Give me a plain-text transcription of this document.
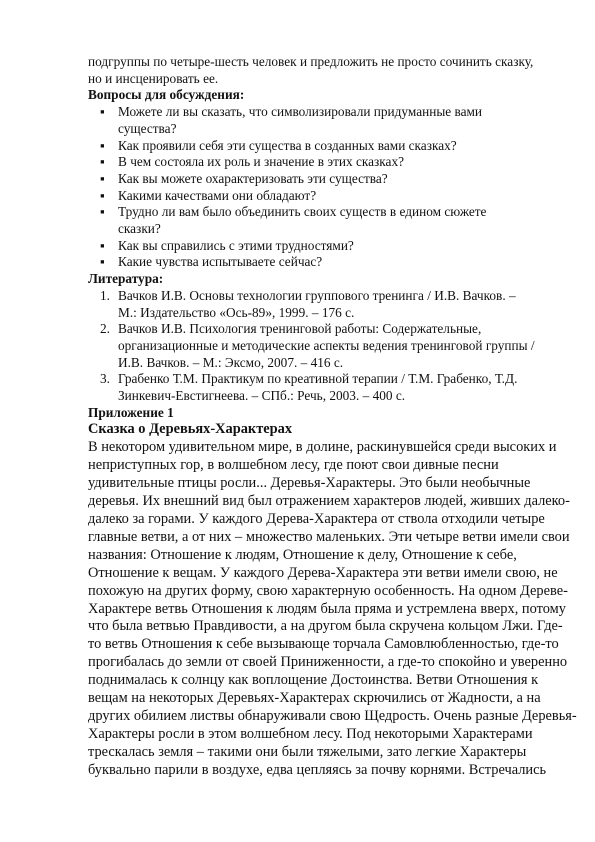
подгруппы по четыре-шесть человек и предложить не просто сочинить сказку,
но и инсценировать ее.
Вопросы для обсуждения:
▪ Можете ли вы сказать, что символизировали придуманные вами
существа?
▪ Как проявили себя эти существа в созданных вами сказках?
▪ В чем состояла их роль и значение в этих сказках?
▪ Как вы можете охарактеризовать эти существа?
▪ Какими качествами они обладают?
▪ Трудно ли вам было объединить своих существ в едином сюжете
сказки?
▪ Как вы справились с этими трудностями?
▪ Какие чувства испытываете сейчас?
Литература:
1. Вачков И.В. Основы технологии группового тренинга / И.В. Вачков. –
М.: Издательство «Ось-89», 1999. – 176 с.
2. Вачков И.В. Психология тренинговой работы: Содержательные,
организационные и методические аспекты ведения тренинговой группы /
И.В. Вачков. – М.: Эксмо, 2007. – 416 с.
3. Грабенко Т.М. Практикум по креативной терапии / Т.М. Грабенко, Т.Д.
Зинкевич-Евстигнеева. – СПб.: Речь, 2003. – 400 с.
Приложение 1
Сказка о Деревьях-Характерах
В некотором удивительном мире, в долине, раскинувшейся среди высоких и
неприступных гор, в волшебном лесу, где поют свои дивные песни
удивительные птицы росли... Деревья-Характеры. Это были необычные
деревья. Их внешний вид был отражением характеров людей, живших далеко-
далеко за горами. У каждого Дерева-Характера от ствола отходили четыре
главные ветви, а от них – множество маленьких. Эти четыре ветви имели свои
названия: Отношение к людям, Отношение к делу, Отношение к себе,
Отношение к вещам. У каждого Дерева-Характера эти ветви имели свою, не
похожую на других форму, свою характерную особенность. На одном Дереве-
Характере ветвь Отношения к людям была пряма и устремлена вверх, потому
что была ветвью Правдивости, а на другом была скручена кольцом Лжи. Где-
то ветвь Отношения к себе вызывающе торчала Самовлюбленностью, где-то
прогибалась до земли от своей Приниженности, а где-то спокойно и уверенно
поднималась к солнцу как воплощение Достоинства. Ветви Отношения к
вещам на некоторых Деревьях-Характерах скрючились от Жадности, а на
других обилием листвы обнаруживали свою Щедрость. Очень разные Деревья-
Характеры росли в этом волшебном лесу. Под некоторыми Характерами
трескалась земля – такими они были тяжелыми, зато легкие Характеры
буквально парили в воздухе, едва цепляясь за почву корнями. Встречались
